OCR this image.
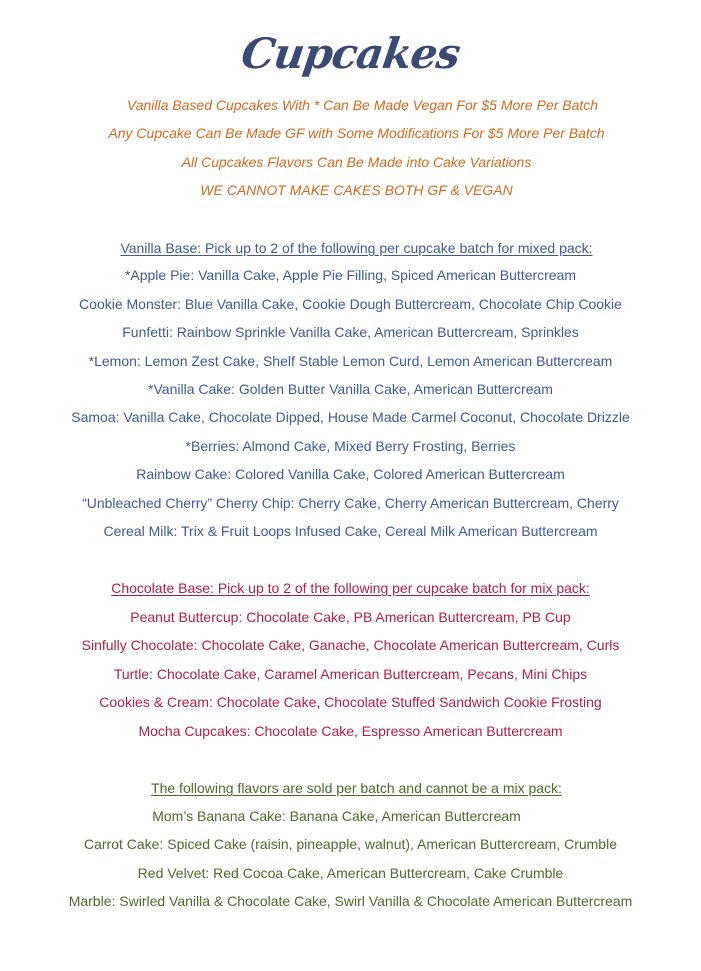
Cupcakes
Vanilla Based Cupcakes With * Can Be Made Vegan For $5 More Per Batch
Any Cupcake Can Be Made GF with Some Modifications For $5 More Per Batch
All Cupcakes Flavors Can Be Made into Cake Variations
WE CANNOT MAKE CAKES BOTH GF & VEGAN
Vanilla Base: Pick up to 2 of the following per cupcake batch for mixed pack:
*Apple Pie: Vanilla Cake, Apple Pie Filling, Spiced American Buttercream
Cookie Monster: Blue Vanilla Cake, Cookie Dough Buttercream, Chocolate Chip Cookie
Funfetti: Rainbow Sprinkle Vanilla Cake, American Buttercream, Sprinkles
*Lemon: Lemon Zest Cake, Shelf Stable Lemon Curd, Lemon American Buttercream
*Vanilla Cake: Golden Butter Vanilla Cake, American Buttercream
Samoa: Vanilla Cake, Chocolate Dipped, House Made Carmel Coconut, Chocolate Drizzle
*Berries: Almond Cake, Mixed Berry Frosting, Berries
Rainbow Cake: Colored Vanilla Cake, Colored American Buttercream
“Unbleached Cherry” Cherry Chip: Cherry Cake, Cherry American Buttercream, Cherry
Cereal Milk: Trix & Fruit Loops Infused Cake, Cereal Milk American Buttercream
Chocolate Base: Pick up to 2 of the following per cupcake batch for mix pack:
Peanut Buttercup: Chocolate Cake, PB American Buttercream, PB Cup
Sinfully Chocolate: Chocolate Cake, Ganache, Chocolate American Buttercream, Curls
Turtle: Chocolate Cake, Caramel American Buttercream, Pecans, Mini Chips
Cookies & Cream: Chocolate Cake, Chocolate Stuffed Sandwich Cookie Frosting
Mocha Cupcakes: Chocolate Cake, Espresso American Buttercream
The following flavors are sold per batch and cannot be a mix pack:
Mom’s Banana Cake: Banana Cake, American Buttercream
Carrot Cake: Spiced Cake (raisin, pineapple, walnut), American Buttercream, Crumble
Red Velvet: Red Cocoa Cake, American Buttercream, Cake Crumble
Marble: Swirled Vanilla & Chocolate Cake, Swirl Vanilla & Chocolate American Buttercream
